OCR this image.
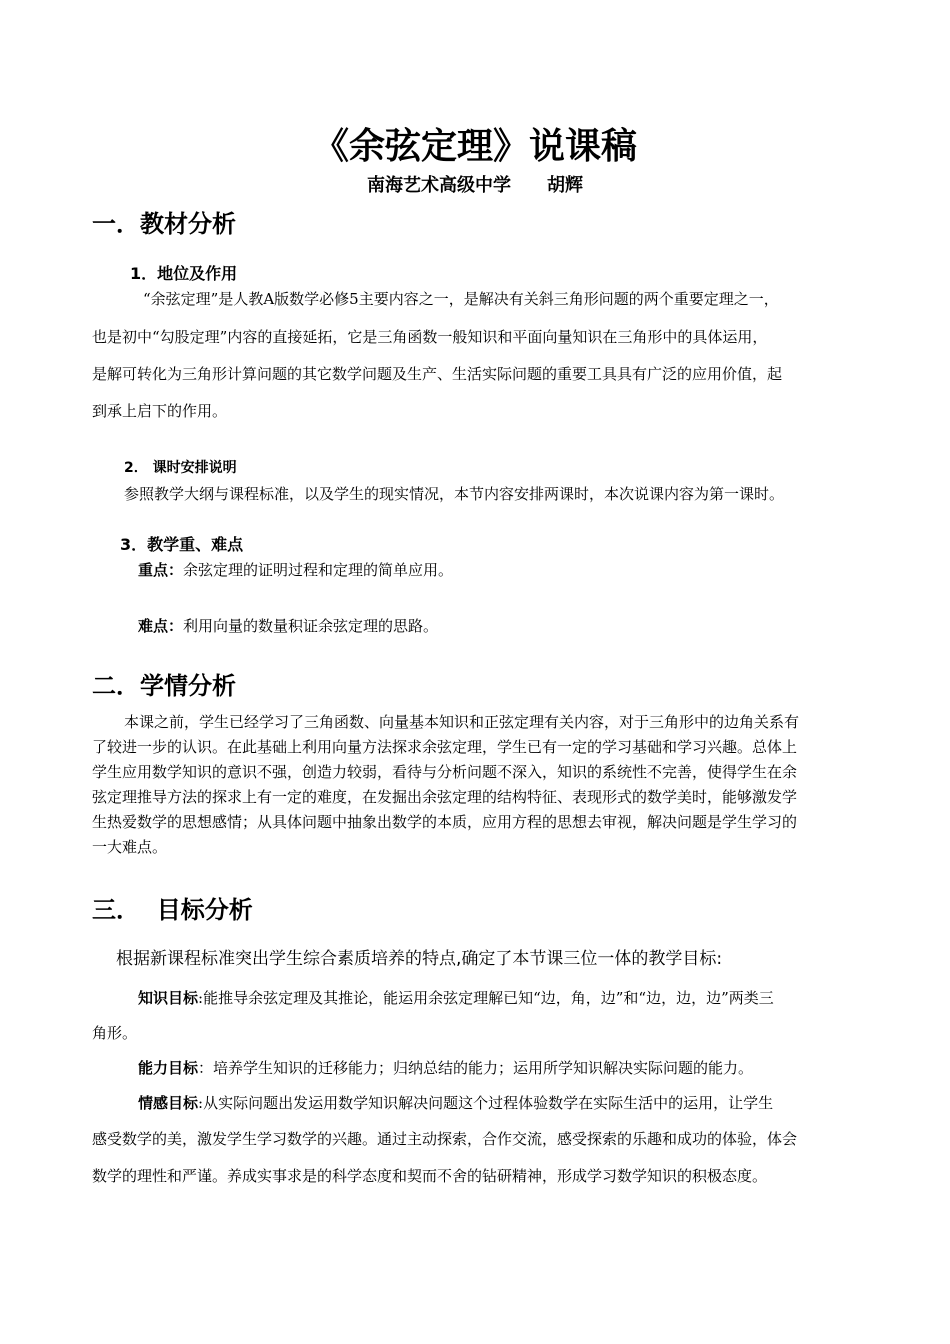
《余弦定理》说课稿
南海艺术高级中学 胡辉
一．教材分析
1．地位及作用

“余弦定理”是人教A版数学必修5主要内容之一，是解决有关斜三角形问题的两个重要定理之一，

也是初中“勾股定理”内容的直接延拓，它是三角函数一般知识和平面向量知识在三角形中的具体运用，

是解可转化为三角形计算问题的其它数学问题及生产、生活实际问题的重要工具具有广泛的应用价值，起

到承上启下的作用。

2． 课时安排说明

参照教学大纲与课程标准，以及学生的现实情况，本节内容安排两课时，本次说课内容为第一课时。

3．教学重、难点

重点：余弦定理的证明过程和定理的简单应用。

难点：利用向量的数量积证余弦定理的思路。

二．学情分析

本课之前，学生已经学习了三角函数、向量基本知识和正弦定理有关内容，对于三角形中的边角关系有

了较进一步的认识。在此基础上利用向量方法探求余弦定理，学生已有一定的学习基础和学习兴趣。总体上

学生应用数学知识的意识不强，创造力较弱，看待与分析问题不深入，知识的系统性不完善，使得学生在余

弦定理推导方法的探求上有一定的难度，在发掘出余弦定理的结构特征、表现形式的数学美时，能够激发学

生热爱数学的思想感情；从具体问题中抽象出数学的本质，应用方程的思想去审视，解决问题是学生学习的

一大难点。

三．  目标分析

根据新课程标准突出学生综合素质培养的特点,确定了本节课三位一体的教学目标:

知识目标:能推导余弦定理及其推论，能运用余弦定理解已知“边，角，边”和“边，边，边”两类三

角形。

能力目标：培养学生知识的迁移能力；归纳总结的能力；运用所学知识解决实际问题的能力。

情感目标:从实际问题出发运用数学知识解决问题这个过程体验数学在实际生活中的运用，让学生

感受数学的美，激发学生学习数学的兴趣。通过主动探索，合作交流，感受探索的乐趣和成功的体验，体会

数学的理性和严谨。养成实事求是的科学态度和契而不舍的钻研精神，形成学习数学知识的积极态度。
